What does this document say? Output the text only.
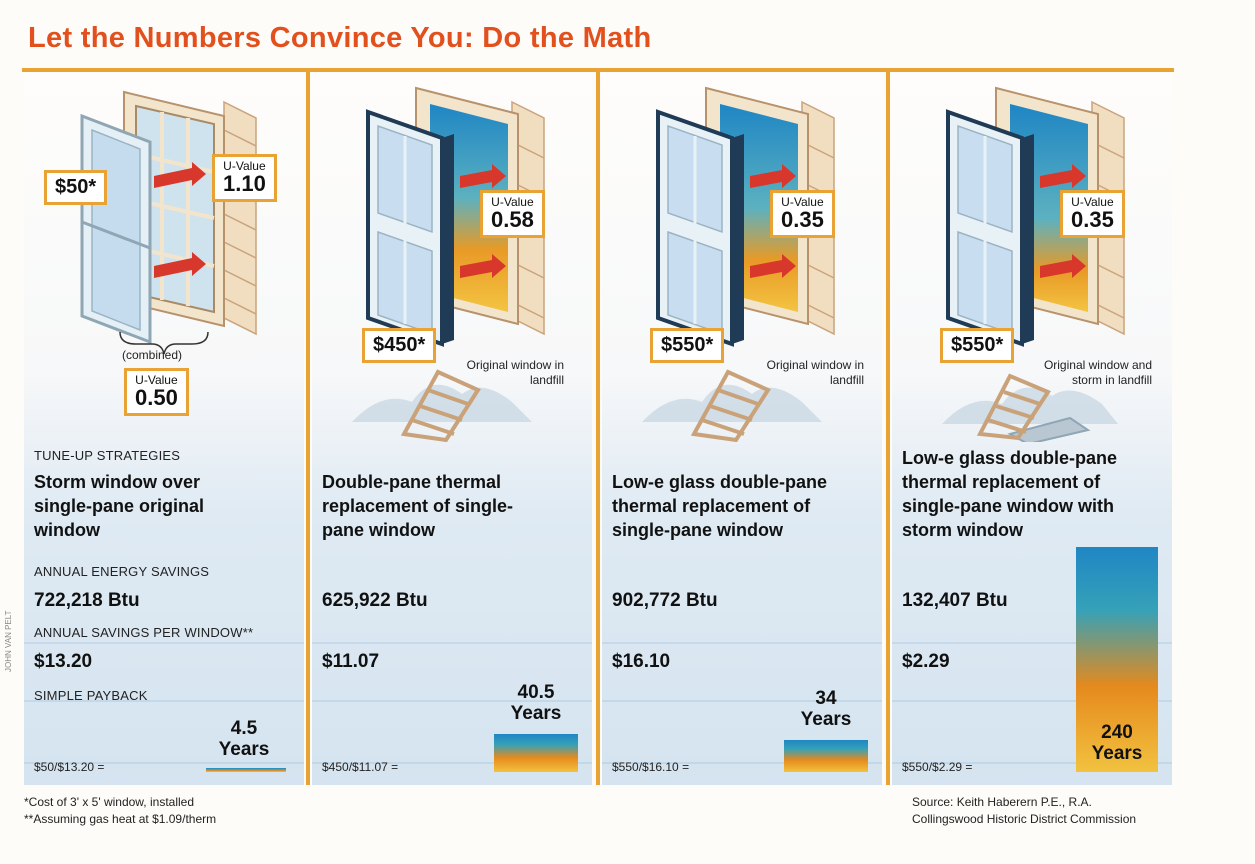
Let the Numbers Convince You: Do the Math
$50*
U-Value
1.10
(combined)
U-Value
0.50
TUNE-UP STRATEGIES
Storm window over single-pane original window
ANNUAL ENERGY SAVINGS
722,218 Btu
ANNUAL SAVINGS PER WINDOW**
$13.20
SIMPLE PAYBACK
$50/$13.20 =
4.5
Years
U-Value
0.58
$450*
Original window in landfill
Double-pane thermal replacement of single-pane window
625,922 Btu
$11.07
$450/$11.07 =
40.5
Years
U-Value
0.35
$550*
Original window in landfill
Low-e glass double-pane thermal replacement of single-pane window
902,772 Btu
$16.10
$550/$16.10 =
34
Years
U-Value
0.35
$550*
Original window and storm in landfill
Low-e glass double-pane thermal replacement of single-pane window with storm window
132,407 Btu
$2.29
$550/$2.29 =
240
Years
*Cost of 3' x 5' window, installed
**Assuming gas heat at $1.09/therm
Source: Keith Haberern P.E., R.A.
Collingswood Historic District Commission
JOHN VAN PELT
